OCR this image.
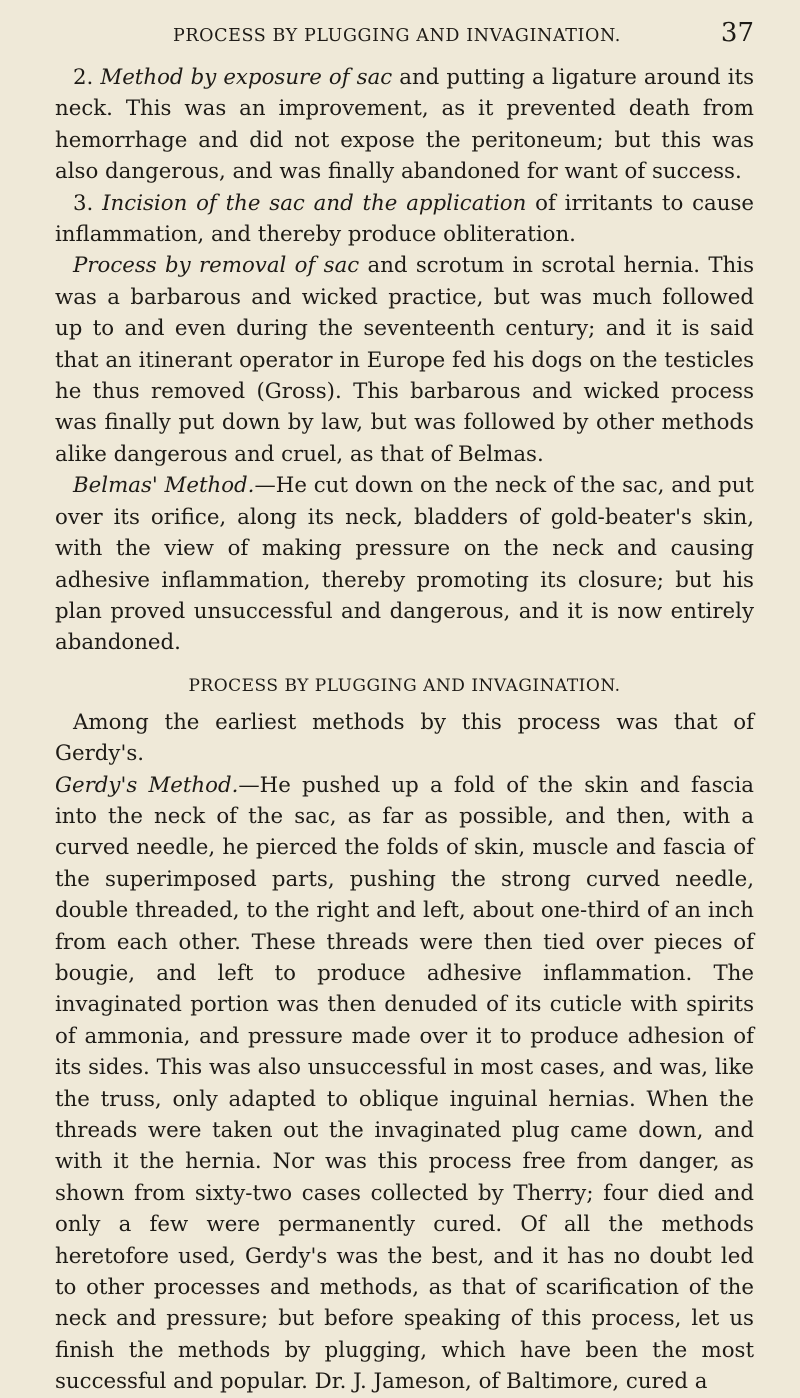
PROCESS BY PLUGGING AND INVAGINATION.	37

2. Method by exposure of sac and putting a ligature around its neck. This was an improvement, as it prevented death from hemorrhage and did not expose the peritoneum; but this was also dangerous, and was finally abandoned for want of success.

3. Incision of the sac and the application of irritants to cause inflammation, and thereby produce obliteration.

Process by removal of sac and scrotum in scrotal hernia. This was a barbarous and wicked practice, but was much followed up to and even during the seventeenth century; and it is said that an itinerant operator in Europe fed his dogs on the testicles he thus removed (Gross). This barbarous and wicked process was finally put down by law, but was followed by other methods alike dangerous and cruel, as that of Belmas.

Belmas' Method.—He cut down on the neck of the sac, and put over its orifice, along its neck, bladders of gold-beater's skin, with the view of making pressure on the neck and causing adhesive inflammation, thereby promoting its closure; but his plan proved unsuccessful and dangerous, and it is now entirely abandoned.

PROCESS BY PLUGGING AND INVAGINATION.

Among the earliest methods by this process was that of Gerdy's.

Gerdy's Method.—He pushed up a fold of the skin and fascia into the neck of the sac, as far as possible, and then, with a curved needle, he pierced the folds of skin, muscle and fascia of the superimposed parts, pushing the strong curved needle, double threaded, to the right and left, about one-third of an inch from each other. These threads were then tied over pieces of bougie, and left to produce adhesive inflammation. The invaginated portion was then denuded of its cuticle with spirits of ammonia, and pressure made over it to produce adhesion of its sides. This was also unsuccessful in most cases, and was, like the truss, only adapted to oblique inguinal hernias. When the threads were taken out the invaginated plug came down, and with it the hernia. Nor was this process free from danger, as shown from sixty-two cases collected by Therry; four died and only a few were permanently cured. Of all the methods heretofore used, Gerdy's was the best, and it has no doubt led to other processes and methods, as that of scarification of the neck and pressure; but before speaking of this process, let us finish the methods by plugging, which have been the most successful and popular. Dr. J. Jameson, of Baltimore, cured a
